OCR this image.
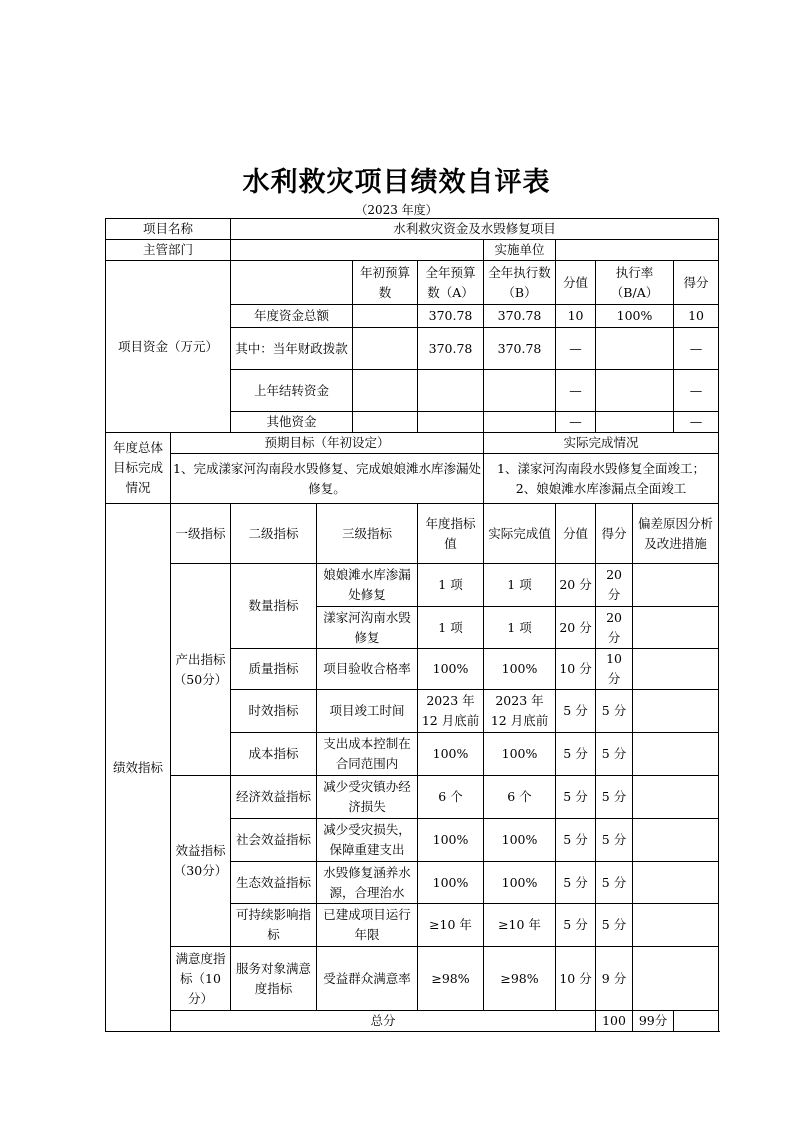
水利救灾项目绩效自评表
（2023 年度）
项目名称		水利救灾资金及水毁修复项目								
主管部门						实施单位				
项目资金（万元）				年初预算数	全年预算数（A）	全年执行数（B）	分值	执行率（B/A）		得分
		年度资金总额			370.78	370.78	10	100%		10
		其中：当年财政拨款			370.78	370.78	—			—
		上年结转资金					—			—
		其他资金					—			—
年度总体目标完成情况	预期目标（年初设定）					实际完成情况				
	1、完成漾家河沟南段水毁修复、完成娘娘滩水库渗漏处修复。					1、漾家河沟南段水毁修复全面竣工；
2、娘娘滩水库渗漏点全面竣工				

绩效指标	一级指标	二级指标	三级指标		年度指标值	实际完成值	分值	得分	偏差原因分析及改进措施	
	产出指标（50分）	数量指标	娘娘滩水库渗漏处修复		1 项	1 项	20 分	20 分		
			漾家河沟南水毁修复		1 项	1 项	20 分	20 分		
		质量指标	项目验收合格率		100%	100%	10 分	10 分		
		时效指标	项目竣工时间		2023 年 12 月底前	2023 年 12 月底前	5 分	5 分		
		成本指标	支出成本控制在合同范围内		100%	100%	5 分	5 分		
	效益指标（30分）	经济效益指标	减少受灾镇办经济损失		6 个	6 个	5 分	5 分		
		社会效益指标	减少受灾损失，保障重建支出		100%	100%	5 分	5 分		
		生态效益指标	水毁修复涵养水源，合理治水		100%	100%	5 分	5 分		
		可持续影响指标	已建成项目运行年限		≥10 年	≥10 年	5 分	5 分		
	满意度指标（10分）	服务对象满意度指标	受益群众满意率		≥98%	≥98%	10 分	9 分		
	总分							100	99分	
